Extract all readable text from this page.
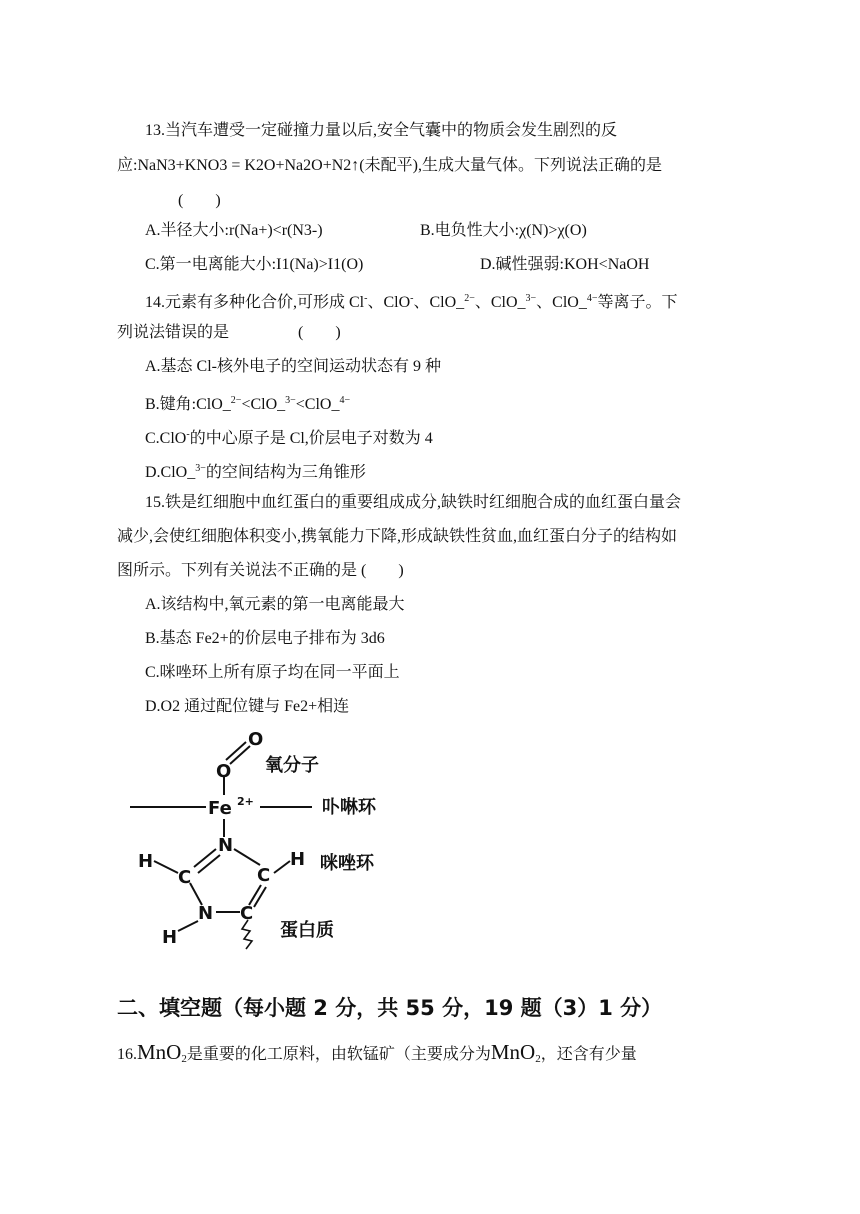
13.当汽车遭受一定碰撞力量以后,安全气囊中的物质会发生剧烈的反
应:NaN3+KNO3 = K2O+Na2O+N2↑(未配平),生成大量气体。下列说法正确的是
(        )
A.半径大小:r(Na+)<r(N3-)	B.电负性大小:χ(N)>χ(O)
C.第一电离能大小:I1(Na)>I1(O)	D.碱性强弱:KOH<NaOH
14.元素有多种化合价,可形成 Cl-、ClO-、ClO_$^{2-}$、ClO_$^{3-}$、ClO_$^{4-}$等离子。下
列说法错误的是	(        )
A.基态 Cl-核外电子的空间运动状态有 9 种
B.键角:ClO_$^{2-}$<ClO_$^{3-}$<ClO_$^{4-}$
C.ClO-的中心原子是 Cl,价层电子对数为 4
D.ClO_$^{3-}$的空间结构为三角锥形
15.铁是红细胞中血红蛋白的重要组成成分,缺铁时红细胞合成的血红蛋白量会
减少,会使红细胞体积变小,携氧能力下降,形成缺铁性贫血,血红蛋白分子的结构如
图所示。下列有关说法不正确的是 (        )
A.该结构中,氧元素的第一电离能最大
B.基态 Fe2+的价层电子排布为 3d6
C.咪唑环上所有原子均在同一平面上
D.O2 通过配位键与 Fe2+相连
O
O
Fe 2+
N
C	C
N C
H	H
H
氧分子
卟啉环
咪唑环
蛋白质
二、填空题（每小题 2 分，共 55 分，19 题（3）1 分）
16.MnO$_2$是重要的化工原料，由软锰矿（主要成分为MnO$_2$，还含有少量
